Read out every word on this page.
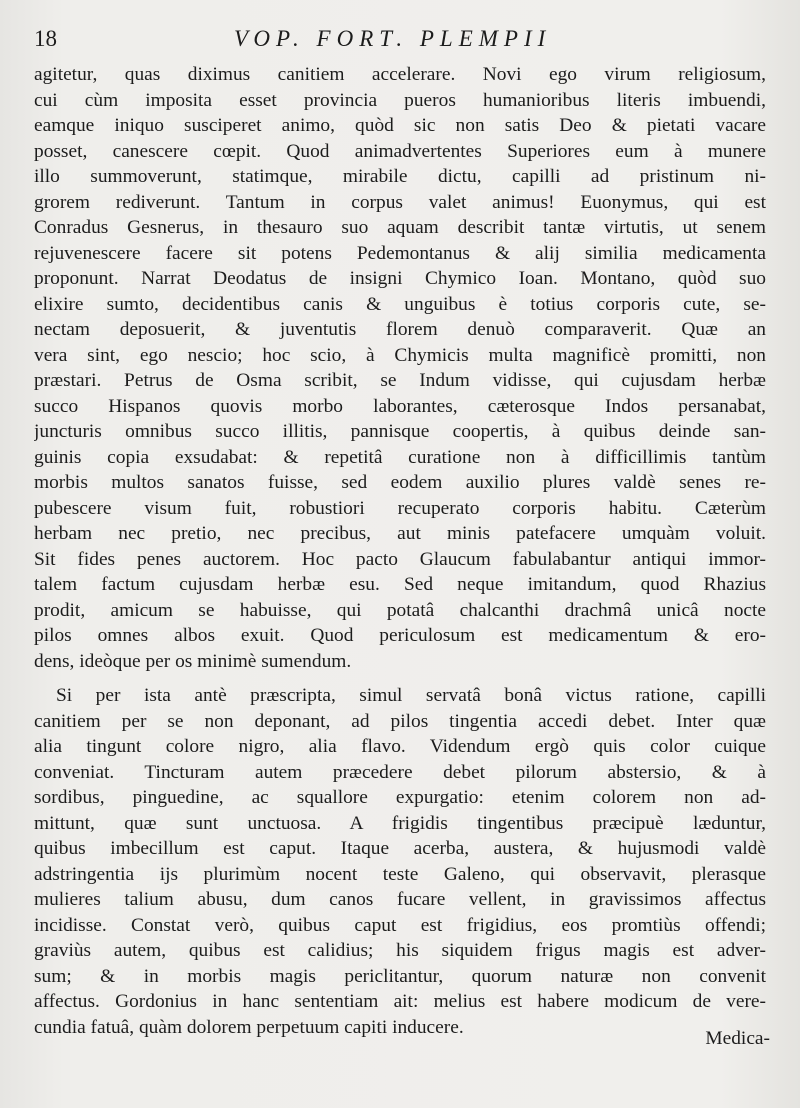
18	VOP. FORT. PLEMPII
agitetur, quas diximus canitiem accelerare. Novi ego virum religiosum,
cui cùm imposita esset provincia pueros humanioribus literis imbuendi,
eamque iniquo susciperet animo, quòd sic non satis Deo & pietati vacare
posset, canescere cœpit. Quod animadvertentes Superiores eum à munere
illo summoverunt, statimque, mirabile dictu, capilli ad pristinum ni-
grorem rediverunt. Tantum in corpus valet animus! Euonymus, qui est
Conradus Gesnerus, in thesauro suo aquam describit tantæ virtutis, ut senem
rejuvenescere facere sit potens Pedemontanus & alij similia medicamenta
proponunt. Narrat Deodatus de insigni Chymico Ioan. Montano, quòd suo
elixire sumto, decidentibus canis & unguibus è totius corporis cute, se-
nectam deposuerit, & juventutis florem denuò comparaverit. Quæ an
vera sint, ego nescio; hoc scio, à Chymicis multa magnificè promitti, non
præstari. Petrus de Osma scribit, se Indum vidisse, qui cujusdam herbæ
succo Hispanos quovis morbo laborantes, cæterosque Indos persanabat,
juncturis omnibus succo illitis, pannisque coopertis, à quibus deinde san-
guinis copia exsudabat: & repetitâ curatione non à difficillimis tantùm
morbis multos sanatos fuisse, sed eodem auxilio plures valdè senes re-
pubescere visum fuit, robustiori recuperato corporis habitu. Cæterùm
herbam nec pretio, nec precibus, aut minis patefacere umquàm voluit.
Sit fides penes auctorem. Hoc pacto Glaucum fabulabantur antiqui immor-
talem factum cujusdam herbæ esu. Sed neque imitandum, quod Rhazius
prodit, amicum se habuisse, qui potatâ chalcanthi drachmâ unicâ nocte
pilos omnes albos exuit. Quod periculosum est medicamentum & ero-
dens, ideòque per os minimè sumendum.
Si per ista antè præscripta, simul servatâ bonâ victus ratione, capilli
canitiem per se non deponant, ad pilos tingentia accedi debet. Inter quæ
alia tingunt colore nigro, alia flavo. Videndum ergò quis color cuique
conveniat. Tincturam autem præcedere debet pilorum abstersio, & à
sordibus, pinguedine, ac squallore expurgatio: etenim colorem non ad-
mittunt, quæ sunt unctuosa. A frigidis tingentibus præcipuè læduntur,
quibus imbecillum est caput. Itaque acerba, austera, & hujusmodi valdè
adstringentia ijs plurimùm nocent teste Galeno, qui observavit, plerasque
mulieres talium abusu, dum canos fucare vellent, in gravissimos affectus
incidisse. Constat verò, quibus caput est frigidius, eos promtiùs offendi;
graviùs autem, quibus est calidius; his siquidem frigus magis est adver-
sum; & in morbis magis periclitantur, quorum naturæ non convenit
affectus. Gordonius in hanc sententiam ait: melius est habere modicum de vere-
cundia fatuâ, quàm dolorem perpetuum capiti inducere.
Medica-
